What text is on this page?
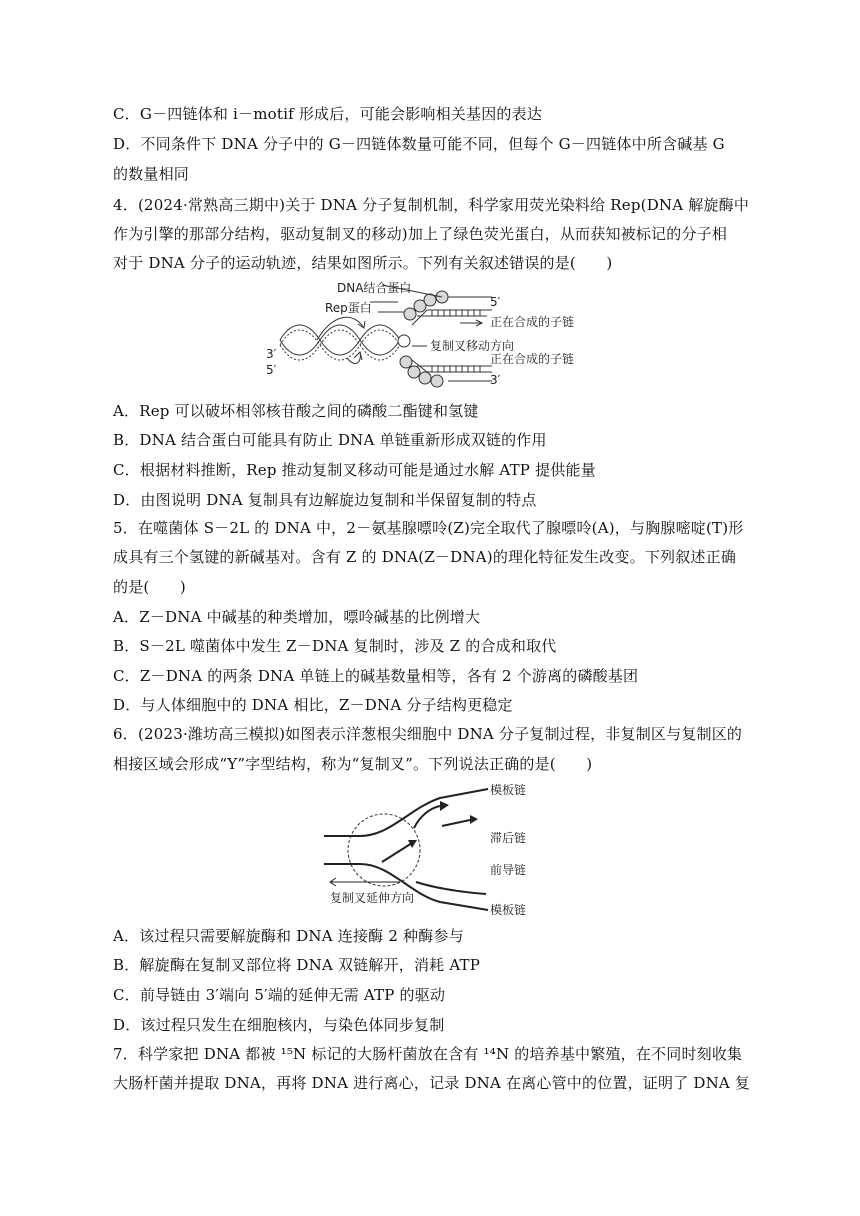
C．G－四链体和 i－motif 形成后，可能会影响相关基因的表达
D．不同条件下 DNA 分子中的 G－四链体数量可能不同，但每个 G－四链体中所含碱基 G
的数量相同
4．(2024·常熟高三期中)关于 DNA 分子复制机制，科学家用荧光染料给 Rep(DNA 解旋酶中
作为引擎的那部分结构，驱动复制叉的移动)加上了绿色荧光蛋白，从而获知被标记的分子相
对于 DNA 分子的运动轨迹，结果如图所示。下列有关叙述错误的是(　　)
DNA结合蛋白
Rep蛋白	5′
正在合成的子链
复制叉移动方向
正在合成的子链
3′
3′
5′
A．Rep 可以破坏相邻核苷酸之间的磷酸二酯键和氢键
B．DNA 结合蛋白可能具有防止 DNA 单链重新形成双链的作用
C．根据材料推断，Rep 推动复制叉移动可能是通过水解 ATP 提供能量
D．由图说明 DNA 复制具有边解旋边复制和半保留复制的特点
5．在噬菌体 S－2L 的 DNA 中，2－氨基腺嘌呤(Z)完全取代了腺嘌呤(A)，与胸腺嘧啶(T)形
成具有三个氢键的新碱基对。含有 Z 的 DNA(Z－DNA)的理化特征发生改变。下列叙述正确
的是(　　)
A．Z－DNA 中碱基的种类增加，嘌呤碱基的比例增大
B．S－2L 噬菌体中发生 Z－DNA 复制时，涉及 Z 的合成和取代
C．Z－DNA 的两条 DNA 单链上的碱基数量相等，各有 2 个游离的磷酸基团
D．与人体细胞中的 DNA 相比，Z－DNA 分子结构更稳定
6．(2023·潍坊高三模拟)如图表示洋葱根尖细胞中 DNA 分子复制过程，非复制区与复制区的
相接区域会形成“Y”字型结构，称为“复制叉”。下列说法正确的是(　　)
模板链
滞后链
前导链
模板链
复制叉延伸方向
A．该过程只需要解旋酶和 DNA 连接酶 2 种酶参与
B．解旋酶在复制叉部位将 DNA 双链解开，消耗 ATP
C．前导链由 3′端向 5′端的延伸无需 ATP 的驱动
D．该过程只发生在细胞核内，与染色体同步复制
7．科学家把 DNA 都被 ¹⁵N 标记的大肠杆菌放在含有 ¹⁴N 的培养基中繁殖，在不同时刻收集
大肠杆菌并提取 DNA，再将 DNA 进行离心，记录 DNA 在离心管中的位置，证明了 DNA 复
